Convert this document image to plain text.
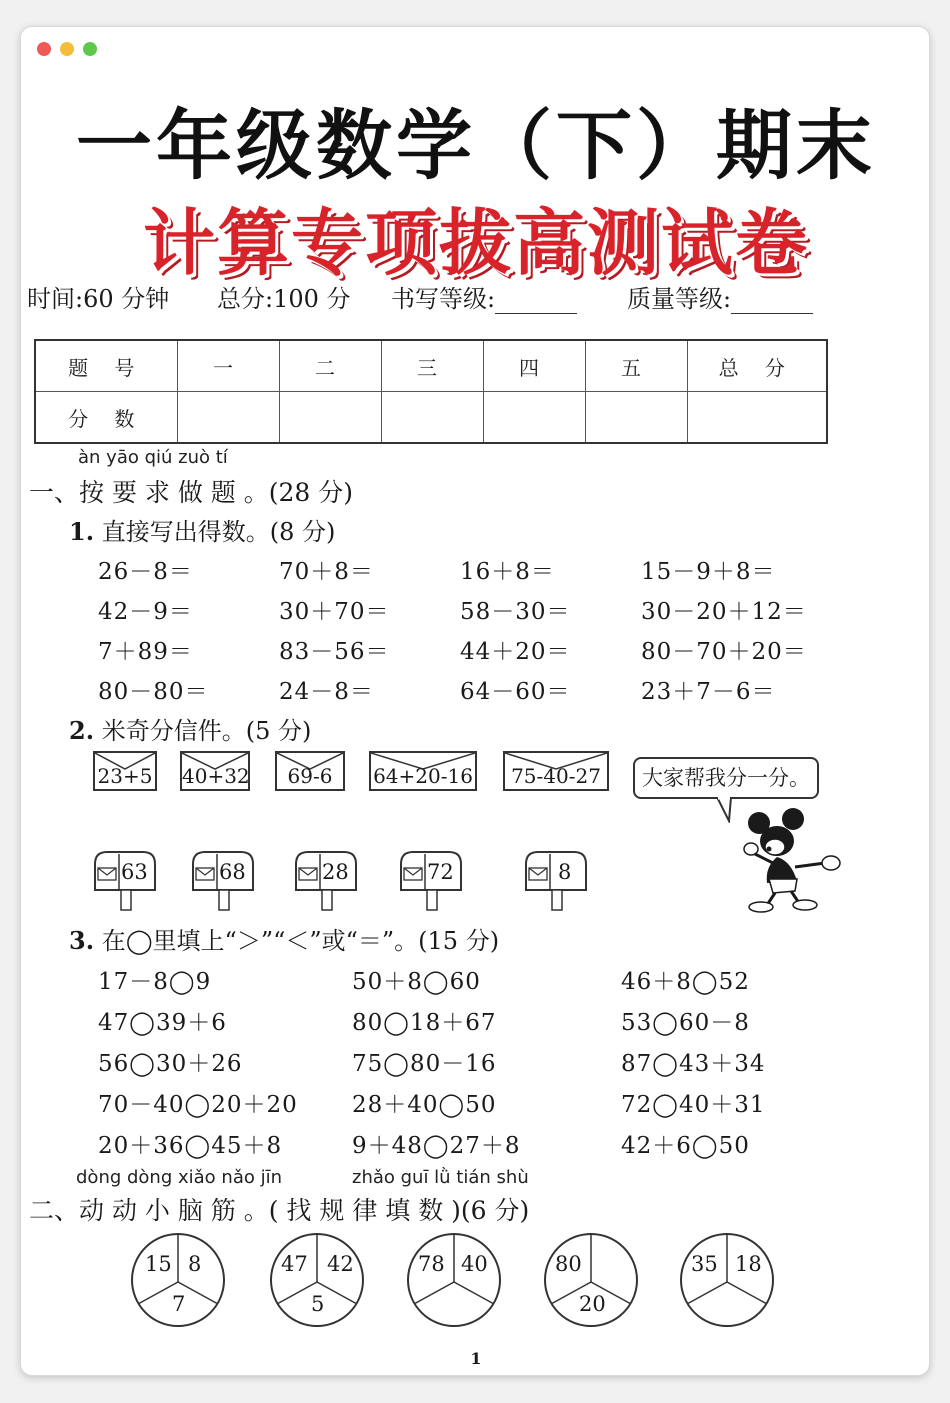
一年级数学（下）期末
计算专项拔高测试卷
时间:60 分钟 总分:100 分 书写等级:	质量等级:
题 号	一	二	三	四	五	总 分
分 数						
àn yāo qiú zuò tí
一、按 要 求 做 题 。(28 分)
1. 直接写出得数。(8 分)
26－8＝	70＋8＝	16＋8＝	15－9＋8＝
42－9＝	30＋70＝	58－30＝	30－20＋12＝
7＋89＝	83－56＝	44＋20＝	80－70＋20＝
80－80＝	24－8＝	64－60＝	23＋7－6＝
2. 米奇分信件。(5 分)
23+5 40+32	69-6	64+20-16	75-40-27	大家帮我分一分。
63	68	28	72	8
3. 在◯里填上“＞”“＜”或“＝”。(15 分)
17－8◯9	50＋8◯60	46＋8◯52
47◯39＋6	80◯18＋67	53◯60－8
56◯30＋26	75◯80－16	87◯43＋34
70－40◯20＋20 28＋40◯50	72◯40＋31
20＋36◯45＋8	9＋48◯27＋8	42＋6◯50
dòng dòng xiǎo nǎo jīn	zhǎo guī lǜ tián shù
二、动 动 小 脑 筋 。( 找 规 律 填 数 )(6 分)
15 8
7
47 42
5
78 40	80
20
35 18
1
